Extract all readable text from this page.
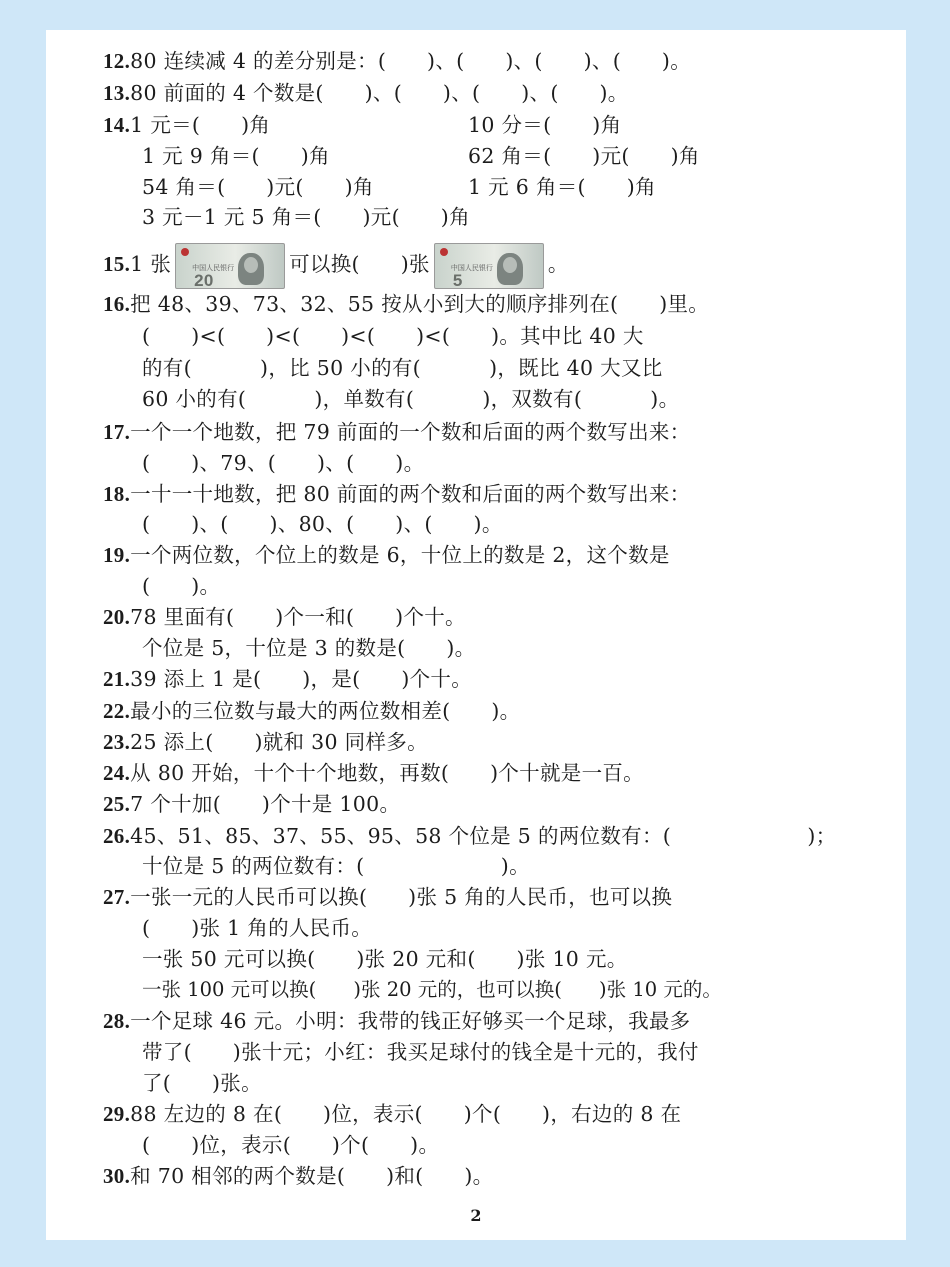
12.80 连续减 4 的差分别是：(      )、(      )、(      )、(      )。
13.80 前面的 4 个数是(      )、(      )、(      )、(      )。
14.1 元＝(      )角	10 分＝(      )角
1 元 9 角＝(      )角	62 角＝(      )元(      )角
54 角＝(      )元(      )角	1 元 6 角＝(      )角
3 元－1 元 5 角＝(      )元(      )角
15.1 张	中国人民银行
20
可以换(      )张	中国人民银行
5
。
16.把 48、39、73、32、55 按从小到大的顺序排列在(      )里。
(      )<(      )<(      )<(      )<(      )。其中比 40 大
的有(          )，比 50 小的有(          )，既比 40 大又比
60 小的有(          )，单数有(          )，双数有(          )。
17.一个一个地数，把 79 前面的一个数和后面的两个数写出来：
(      )、79、(      )、(      )。
18.一十一十地数，把 80 前面的两个数和后面的两个数写出来：
(      )、(      )、80、(      )、(      )。
19.一个两位数，个位上的数是 6，十位上的数是 2，这个数是
(      )。
20.78 里面有(      )个一和(      )个十。
个位是 5，十位是 3 的数是(      )。
21.39 添上 1 是(      )，是(      )个十。
22.最小的三位数与最大的两位数相差(      )。
23.25 添上(      )就和 30 同样多。
24.从 80 开始，十个十个地数，再数(      )个十就是一百。
25.7 个十加(      )个十是 100。
26.45、51、85、37、55、95、58 个位是 5 的两位数有：(                    )；
十位是 5 的两位数有：(                    )。
27.一张一元的人民币可以换(      )张 5 角的人民币，也可以换
(      )张 1 角的人民币。
一张 50 元可以换(      )张 20 元和(      )张 10 元。
一张 100 元可以换(      )张 20 元的，也可以换(      )张 10 元的。
28.一个足球 46 元。小明：我带的钱正好够买一个足球，我最多
带了(      )张十元；小红：我买足球付的钱全是十元的，我付
了(      )张。
29.88 左边的 8 在(      )位，表示(      )个(      )，右边的 8 在
(      )位，表示(      )个(      )。
30.和 70 相邻的两个数是(      )和(      )。
2
